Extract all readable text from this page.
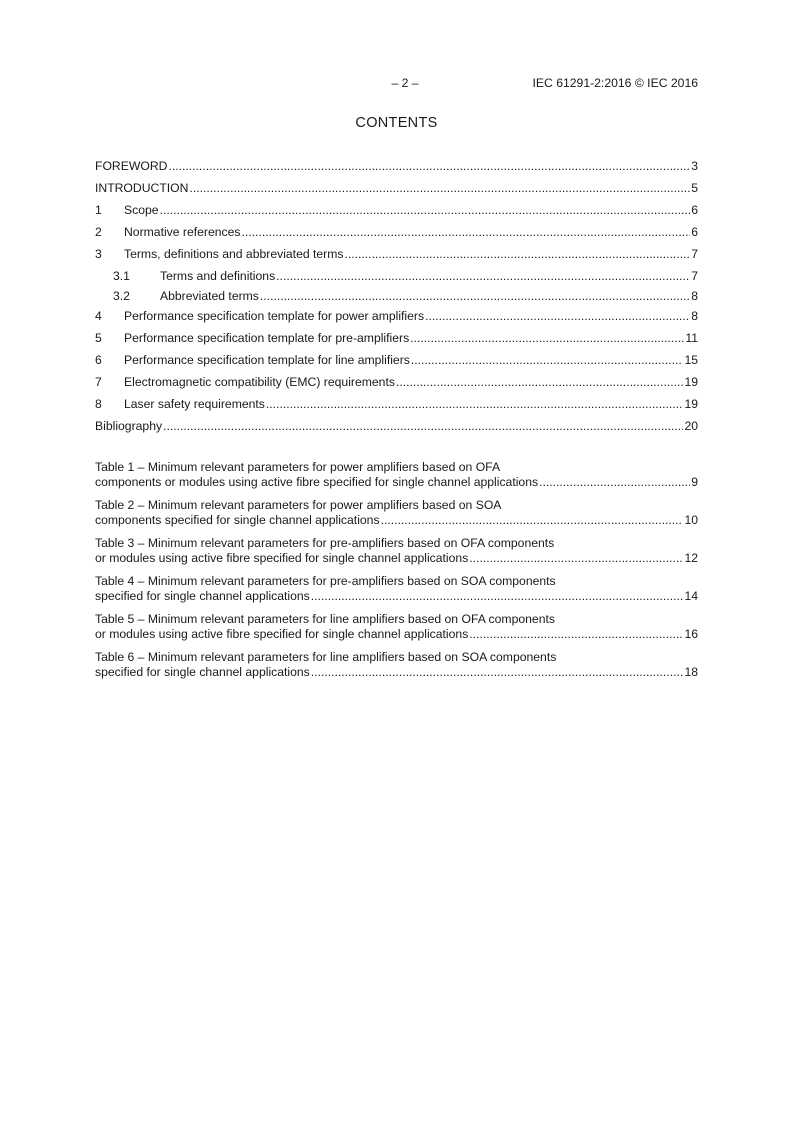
– 2 –	IEC 61291-2:2016 © IEC 2016
CONTENTS
FOREWORD .....	3
INTRODUCTION .....	5
1	Scope .....	6
2	Normative references .....	6
3	Terms, definitions and abbreviated terms .....	7
3.1	Terms and definitions .....	7
3.2	Abbreviated terms .....	8
4	Performance specification template for power amplifiers .....	8
5	Performance specification template for pre-amplifiers .....	11
6	Performance specification template for line amplifiers .....	15
7	Electromagnetic compatibility (EMC) requirements .....	19
8	Laser safety requirements .....	19
Bibliography .....	20
Table 1 – Minimum relevant parameters for power amplifiers based on OFA
components or modules using active fibre specified for single channel applications .....	9
Table 2 – Minimum relevant parameters for power amplifiers based on SOA
components specified for single channel applications .....	10
Table 3 – Minimum relevant parameters for pre-amplifiers based on OFA components
or modules using active fibre specified for single channel applications .....	12
Table 4 – Minimum relevant parameters for pre-amplifiers based on SOA components
specified for single channel applications .....	14
Table 5 – Minimum relevant parameters for line amplifiers based on OFA components
or modules using active fibre specified for single channel applications .....	16
Table 6 – Minimum relevant parameters for line amplifiers based on SOA components
specified for single channel applications .....	18
